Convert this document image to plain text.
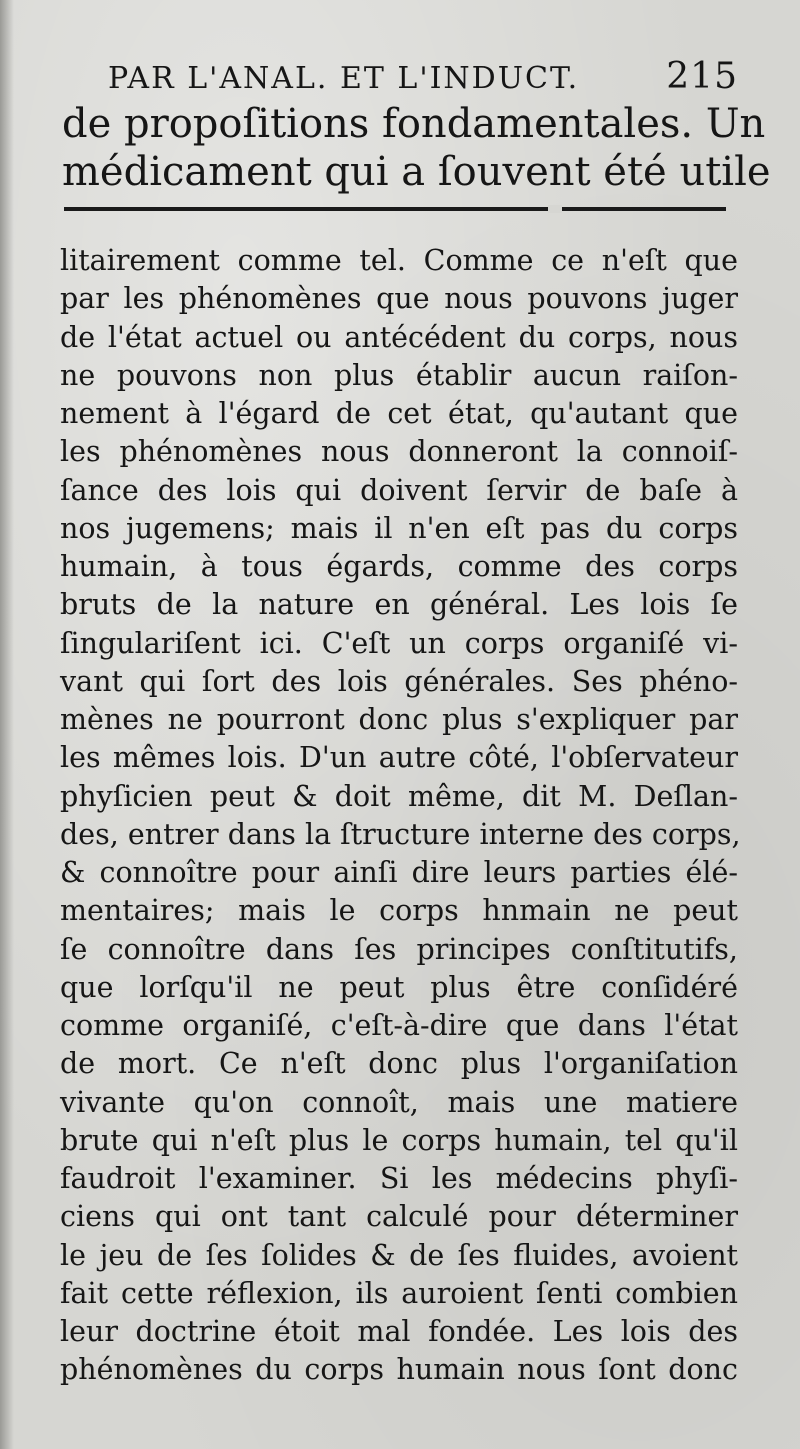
PAR L'ANAL. ET L'INDUCT. 215
de propoſitions fondamentales. Un
médicament qui a ſouvent été utile
litairement comme tel. Comme ce n'eſt que
par les phénomènes que nous pouvons juger
de l'état actuel ou antécédent du corps, nous
ne pouvons non plus établir aucun raiſon-
nement à l'égard de cet état, qu'autant que
les phénomènes nous donneront la connoiſ-
ſance des lois qui doivent ſervir de baſe à
nos jugemens; mais il n'en eſt pas du corps
humain, à tous égards, comme des corps
bruts de la nature en général. Les lois ſe
ſingulariſent ici. C'eſt un corps organiſé vi-
vant qui ſort des lois générales. Ses phéno-
mènes ne pourront donc plus s'expliquer par
les mêmes lois. D'un autre côté, l'obſervateur
phyſicien peut & doit même, dit M. Deſlan-
des, entrer dans la ſtructure interne des corps,
& connoître pour ainſi dire leurs parties élé-
mentaires; mais le corps hnmain ne peut
ſe connoître dans ſes principes conſtitutifs,
que lorſqu'il ne peut plus être conſidéré
comme organiſé, c'eſt-à-dire que dans l'état
de mort. Ce n'eſt donc plus l'organiſation
vivante qu'on connoît, mais une matiere
brute qui n'eſt plus le corps humain, tel qu'il
faudroit l'examiner. Si les médecins phyſi-
ciens qui ont tant calculé pour déterminer
le jeu de ſes ſolides & de ſes fluides, avoient
fait cette réflexion, ils auroient ſenti combien
leur doctrine étoit mal fondée. Les lois des
phénomènes du corps humain nous ſont donc
